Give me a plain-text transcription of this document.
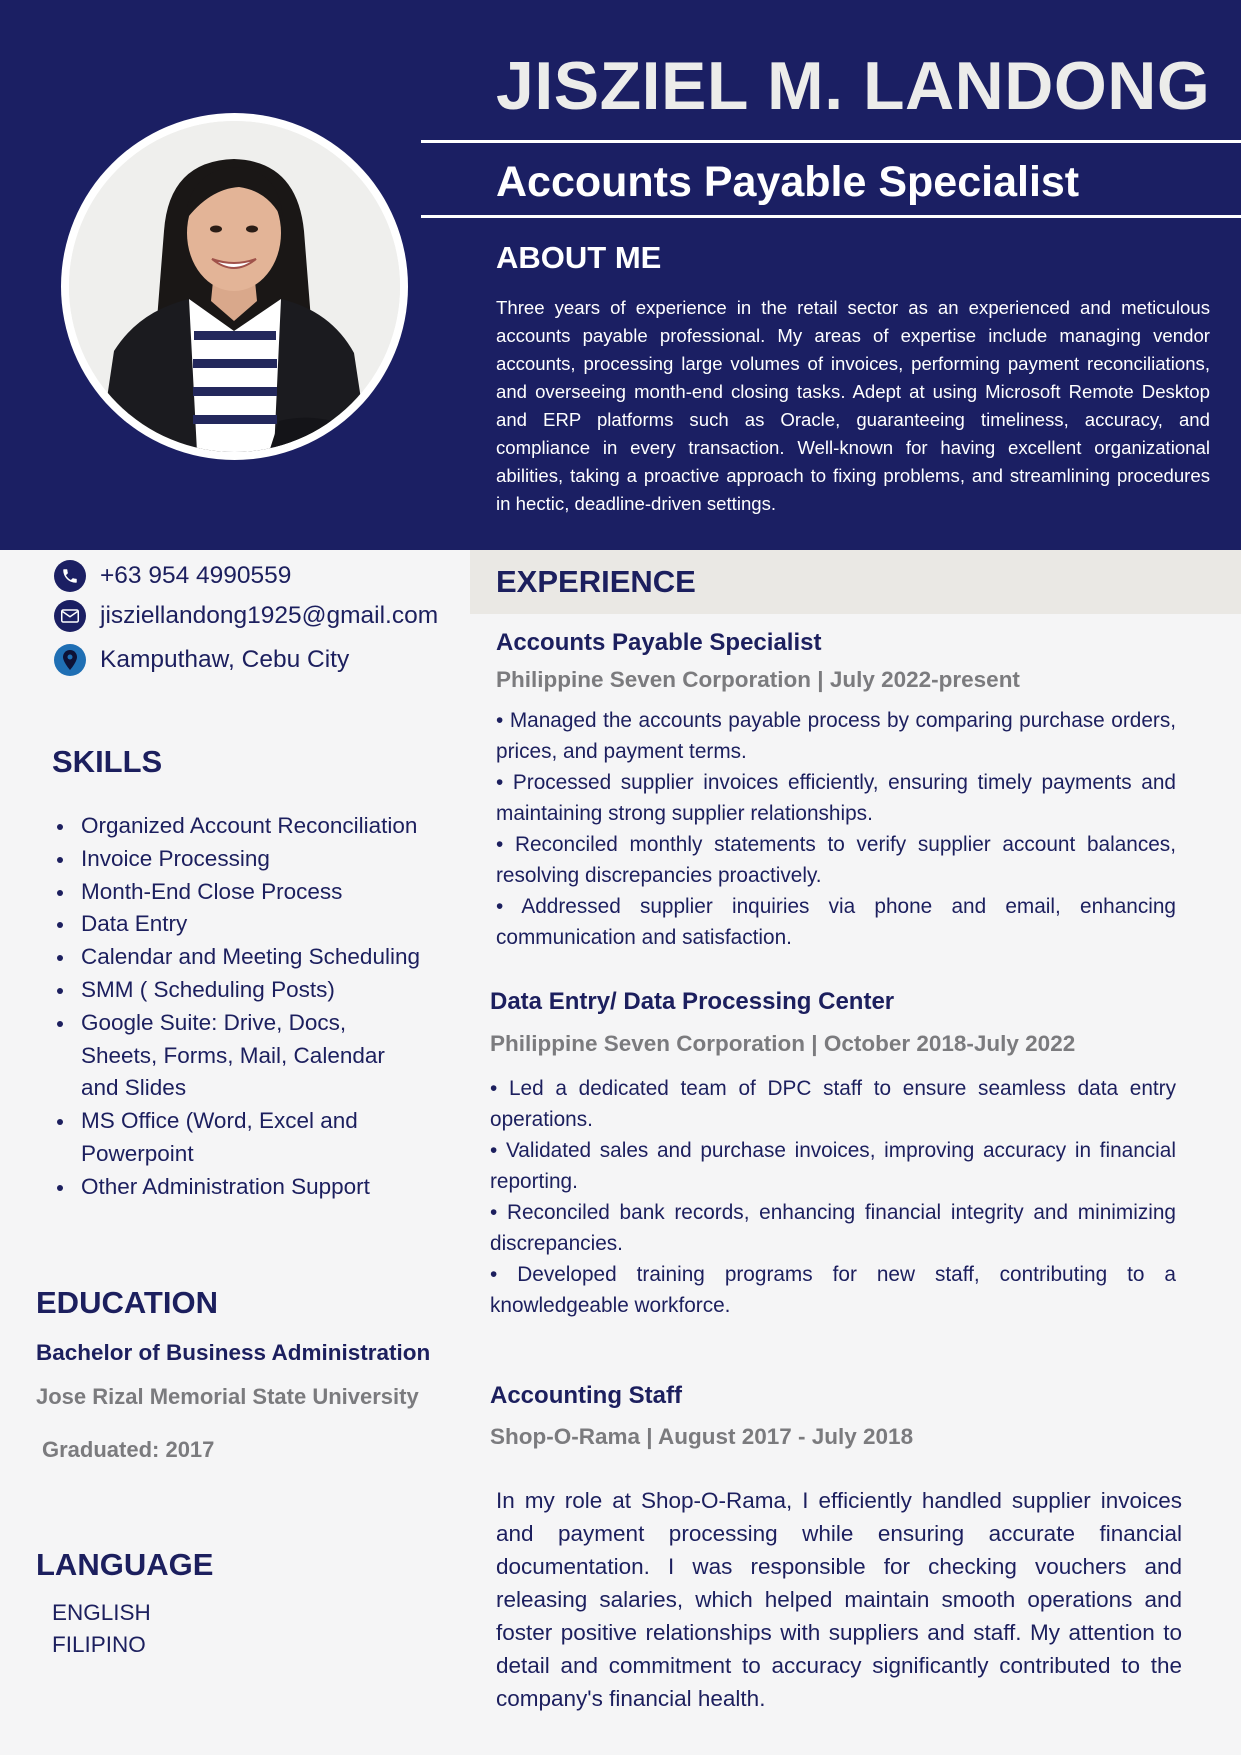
JISZIEL M. LANDONG
Accounts Payable Specialist
ABOUT ME
Three years of experience in the retail sector as an experienced and meticulous accounts payable professional. My areas of expertise include managing vendor accounts, processing large volumes of invoices, performing payment reconciliations, and overseeing month-end closing tasks. Adept at using Microsoft Remote Desktop and ERP platforms such as Oracle, guaranteeing timeliness, accuracy, and compliance in every transaction. Well-known for having excellent organizational abilities, taking a proactive approach to fixing problems, and streamlining procedures in hectic, deadline-driven settings.
+63 954 4990559
jisziellandong1925@gmail.com
Kamputhaw, Cebu City
SKILLS
Organized Account Reconciliation
Invoice Processing
Month-End Close Process
Data Entry
Calendar and Meeting Scheduling
SMM ( Scheduling Posts)
Google Suite: Drive, Docs, Sheets, Forms, Mail, Calendar and Slides
MS Office (Word, Excel and Powerpoint
Other Administration Support
EDUCATION
Bachelor of Business Administration
Jose Rizal Memorial State University
Graduated: 2017
LANGUAGE
ENGLISH
FILIPINO
EXPERIENCE
Accounts Payable Specialist
Philippine Seven Corporation | July 2022-present
• Managed the accounts payable process by comparing purchase orders, prices, and payment terms.
• Processed supplier invoices efficiently, ensuring timely payments and maintaining strong supplier relationships.
• Reconciled monthly statements to verify supplier account balances, resolving discrepancies proactively.
• Addressed supplier inquiries via phone and email, enhancing communication and satisfaction.
Data Entry/ Data Processing Center
Philippine Seven Corporation | October 2018-July 2022
• Led a dedicated team of DPC staff to ensure seamless data entry operations.
• Validated sales and purchase invoices, improving accuracy in financial reporting.
• Reconciled bank records, enhancing financial integrity and minimizing discrepancies.
• Developed training programs for new staff, contributing to a knowledgeable workforce.
Accounting Staff
Shop-O-Rama | August 2017 - July 2018

In my role at Shop-O-Rama, I efficiently handled supplier invoices and payment processing while ensuring accurate financial documentation. I was responsible for checking vouchers and releasing salaries, which helped maintain smooth operations and foster positive relationships with suppliers and staff. My attention to detail and commitment to accuracy significantly contributed to the company's financial health.
